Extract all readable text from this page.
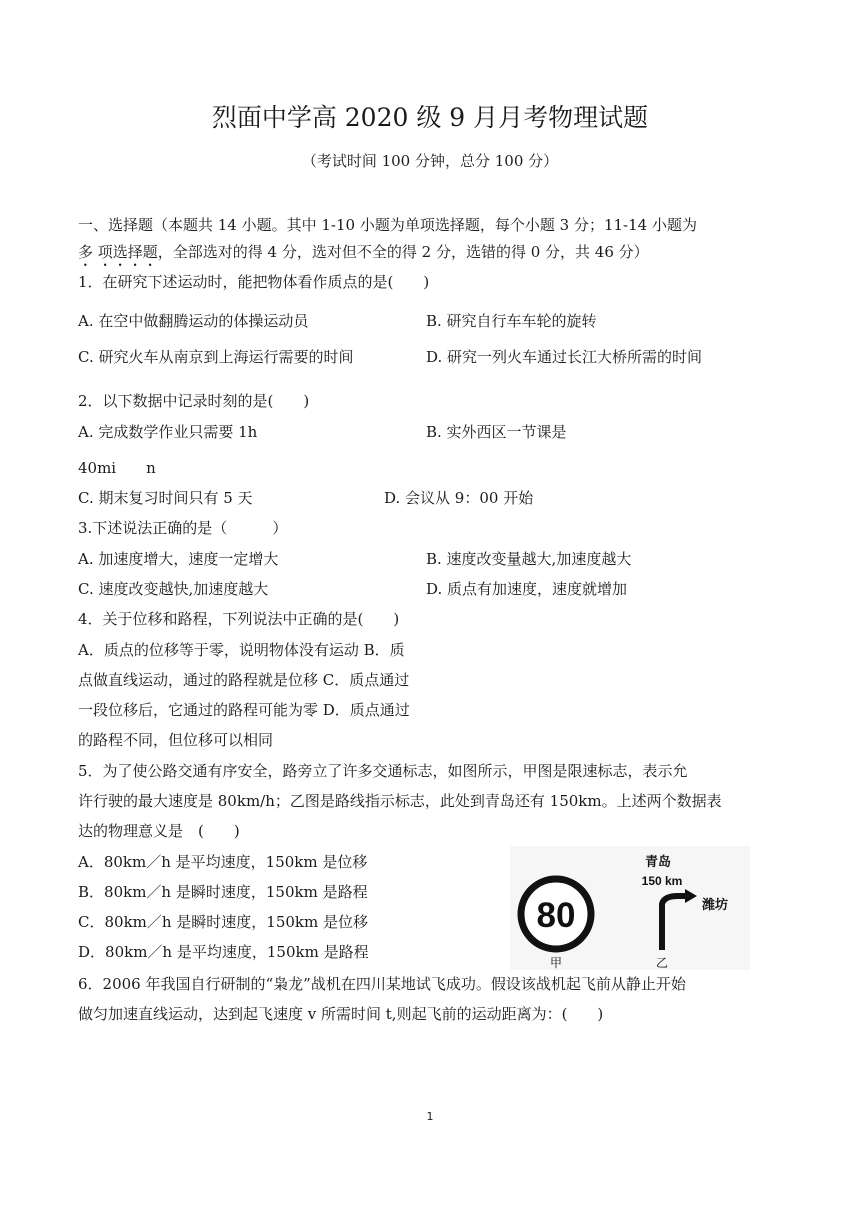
烈面中学高 2020 级 9 月月考物理试题
（考试时间 100 分钟，总分 100 分）
一、选择题（本题共 14 小题。其中 1-10 小题为单项选择题，每个小题 3 分；11-14 小题为
多 项选择题，全部选对的得 4 分，选对但不全的得 2 分，选错的得 0 分，共 46 分）
1．在研究下述运动时，能把物体看作质点的是(　　)
A. 在空中做翻腾运动的体操运动员	B. 研究自行车车轮的旋转
C. 研究火车从南京到上海运行需要的时间	D. 研究一列火车通过长江大桥所需的时间
2．以下数据中记录时刻的是(　　)
A. 完成数学作业只需要 1h	B. 实外西区一节课是
40mi　　n
C. 期末复习时间只有 5 天	D. 会议从 9：00 开始
3.下述说法正确的是（　　　）
A. 加速度增大，速度一定增大	B. 速度改变量越大,加速度越大
C. 速度改变越快,加速度越大	D. 质点有加速度，速度就增加
4．关于位移和路程，下列说法中正确的是(　　)
A．质点的位移等于零，说明物体没有运动 B．质
点做直线运动，通过的路程就是位移 C．质点通过
一段位移后，它通过的路程可能为零 D．质点通过
的路程不同，但位移可以相同
5．为了使公路交通有序安全，路旁立了许多交通标志，如图所示，甲图是限速标志，表示允
许行驶的最大速度是 80km/h；乙图是路线指示标志，此处到青岛还有 150km。上述两个数据表
达的物理意义是　(　　)
A．80km／h 是平均速度，150km 是位移
B．80km／h 是瞬时速度，150km 是路程
C．80km／h 是瞬时速度，150km 是位移
D．80km／h 是平均速度，150km 是路程
80
甲
青岛
150 km
潍坊
乙
6．2006 年我国自行研制的“枭龙”战机在四川某地试飞成功。假设该战机起飞前从静止开始
做匀加速直线运动，达到起飞速度 v 所需时间 t,则起飞前的运动距离为：(　　)
1
